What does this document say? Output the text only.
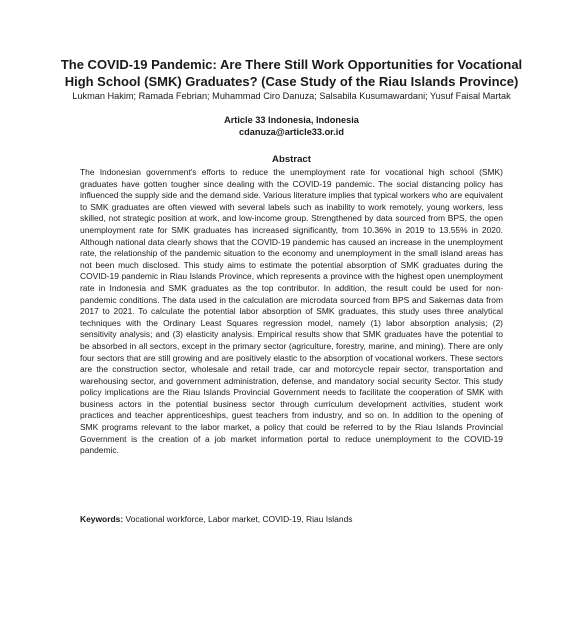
The COVID-19 Pandemic: Are There Still Work Opportunities for Vocational High School (SMK) Graduates? (Case Study of the Riau Islands Province)
Lukman Hakim; Ramada Febrian; Muhammad Ciro Danuza; Salsabila Kusumawardani; Yusuf Faisal Martak
Article 33 Indonesia, Indonesia
cdanuza@article33.or.id
Abstract
The Indonesian government's efforts to reduce the unemployment rate for vocational high school (SMK) graduates have gotten tougher since dealing with the COVID-19 pandemic. The social distancing policy has influenced the supply side and the demand side. Various literature implies that typical workers who are equivalent to SMK graduates are often viewed with several labels such as inability to work remotely, young workers, less skilled, not strategic position at work, and low-income group. Strengthened by data sourced from BPS, the open unemployment rate for SMK graduates has increased significantly, from 10.36% in 2019 to 13.55% in 2020. Although national data clearly shows that the COVID-19 pandemic has caused an increase in the unemployment rate, the relationship of the pandemic situation to the economy and unemployment in the small island areas has not been much disclosed. This study aims to estimate the potential absorption of SMK graduates during the COVID-19 pandemic in Riau Islands Province, which represents a province with the highest open unemployment rate in Indonesia and SMK graduates as the top contributor. In addition, the result could be used for non-pandemic conditions. The data used in the calculation are microdata sourced from BPS and Sakernas data from 2017 to 2021. To calculate the potential labor absorption of SMK graduates, this study uses three analytical techniques with the Ordinary Least Squares regression model, namely (1) labor absorption analysis; (2) sensitivity analysis; and (3) elasticity analysis. Empirical results show that SMK graduates have the potential to be absorbed in all sectors, except in the primary sector (agriculture, forestry, marine, and mining). There are only four sectors that are still growing and are positively elastic to the absorption of vocational workers. These sectors are the construction sector, wholesale and retail trade, car and motorcycle repair sector, transportation and warehousing sector, and government administration, defense, and mandatory social security Sector. This study policy implications are the Riau Islands Provincial Government needs to facilitate the cooperation of SMK with business actors in the potential business sector through curriculum development activities, student work practices and teacher apprenticeships, guest teachers from industry, and so on. In addition to the opening of SMK programs relevant to the labor market, a policy that could be referred to by the Riau Islands Provincial Government is the creation of a job market information portal to reduce unemployment to the COVID-19 pandemic.
Keywords: Vocational workforce, Labor market, COVID-19, Riau Islands
